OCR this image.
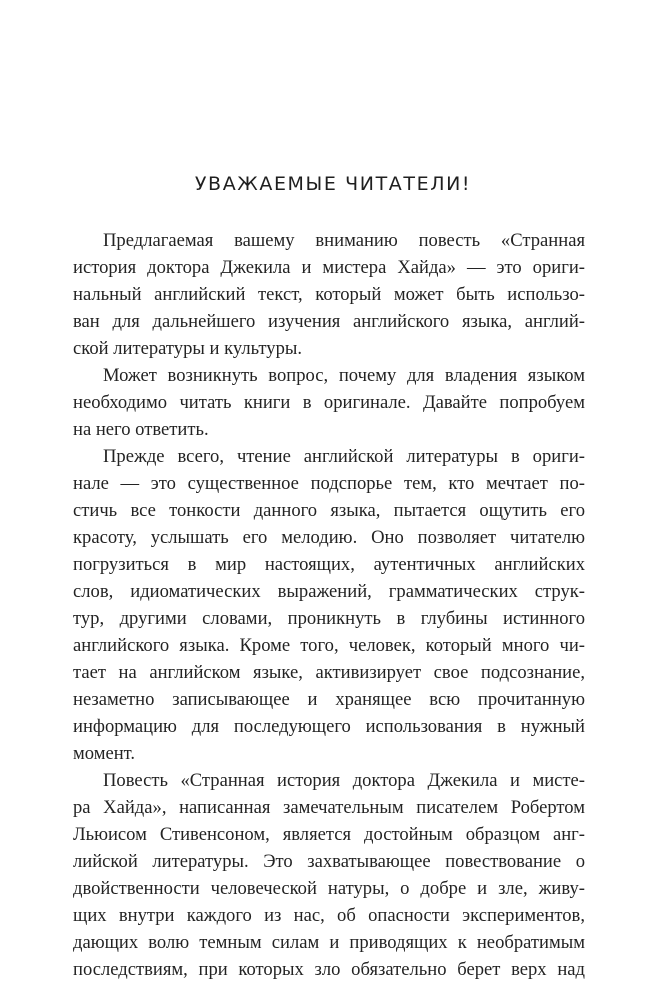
УВАЖАЕМЫЕ ЧИТАТЕЛИ!
Предлагаемая вашему вниманию повесть «Странная
история доктора Джекила и мистера Хайда» — это ориги-
нальный английский текст, который может быть использо-
ван для дальнейшего изучения английского языка, англий-
ской литературы и культуры.
Может возникнуть вопрос, почему для владения языком
необходимо читать книги в оригинале. Давайте попробуем
на него ответить.
Прежде всего, чтение английской литературы в ориги-
нале — это существенное подспорье тем, кто мечтает по-
стичь все тонкости данного языка, пытается ощутить его
красоту, услышать его мелодию. Оно позволяет читателю
погрузиться в мир настоящих, аутентичных английских
слов, идиоматических выражений, грамматических струк-
тур, другими словами, проникнуть в глубины истинного
английского языка. Кроме того, человек, который много чи-
тает на английском языке, активизирует свое подсознание,
незаметно записывающее и хранящее всю прочитанную
информацию для последующего использования в нужный
момент.
Повесть «Странная история доктора Джекила и мисте-
ра Хайда», написанная замечательным писателем Робертом
Льюисом Стивенсоном, является достойным образцом анг-
лийской литературы. Это захватывающее повествование о
двойственности человеческой натуры, о добре и зле, живу-
щих внутри каждого из нас, об опасности экспериментов,
дающих волю темным силам и приводящих к необратимым
последствиям, при которых зло обязательно берет верх над
